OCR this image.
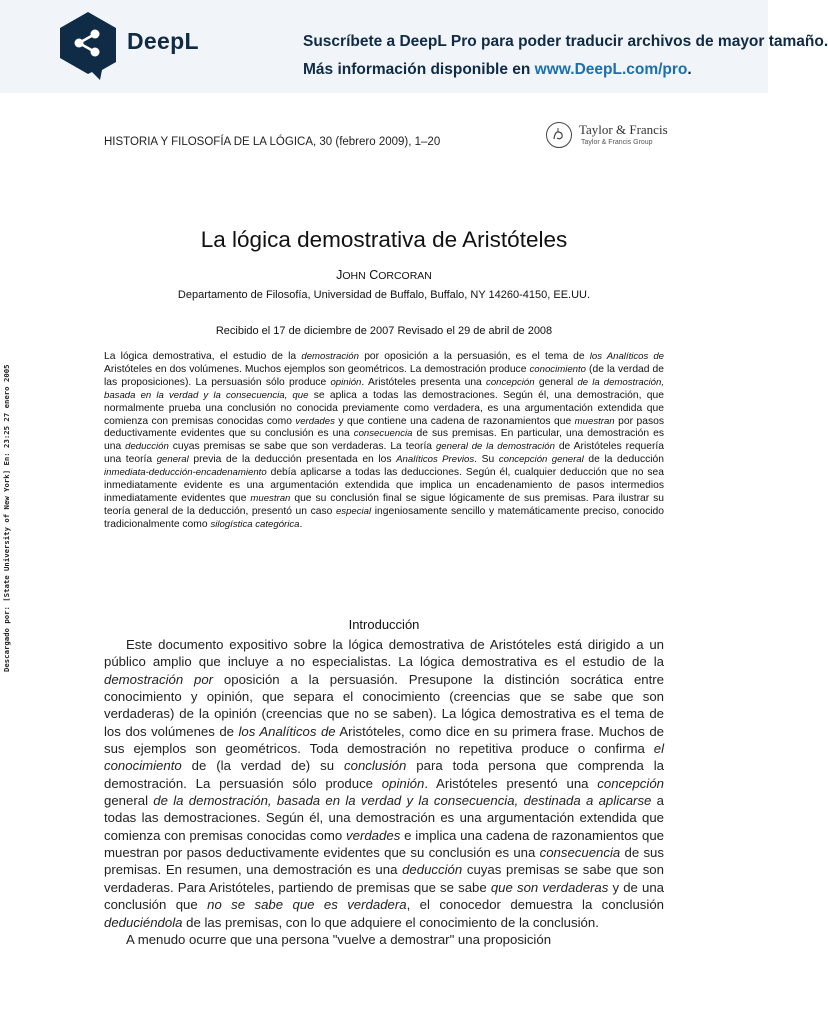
DeepL	Suscríbete a DeepL Pro para poder traducir archivos de mayor tamaño.
Más información disponible en www.DeepL.com/pro.
HISTORIA Y FILOSOFÍA DE LA LÓGICA, 30 (febrero 2009), 1–20
Taylor & Francis
Taylor & Francis Group
Descargado por: [State University of New York] En: 23:25 27 enero 2005
La lógica demostrativa de Aristóteles
JOHN CORCORAN
Departamento de Filosofía, Universidad de Buffalo, Buffalo, NY 14260-4150, EE.UU.
Recibido el 17 de diciembre de 2007 Revisado el 29 de abril de 2008
La lógica demostrativa, el estudio de la demostración por oposición a la persuasión, es el tema de los Analíticos de Aristóteles en dos volúmenes. Muchos ejemplos son geométricos. La demostración produce conocimiento (de la verdad de las proposiciones). La persuasión sólo produce opinión. Aristóteles presenta una concepción general de la demostración, basada en la verdad y la consecuencia, que se aplica a todas las demostraciones. Según él, una demostración, que normalmente prueba una conclusión no conocida previamente como verdadera, es una argumentación extendida que comienza con premisas conocidas como verdades y que contiene una cadena de razonamientos que muestran por pasos deductivamente evidentes que su conclusión es una consecuencia de sus premisas. En particular, una demostración es una deducción cuyas premisas se sabe que son verdaderas. La teoría general de la demostración de Aristóteles requería una teoría general previa de la deducción presentada en los Analíticos Previos. Su concepción general de la deducción inmediata-deducción-encadenamiento debía aplicarse a todas las deducciones. Según él, cualquier deducción que no sea inmediatamente evidente es una argumentación extendida que implica un encadenamiento de pasos intermedios inmediatamente evidentes que muestran que su conclusión final se sigue lógicamente de sus premisas. Para ilustrar su teoría general de la deducción, presentó un caso especial ingeniosamente sencillo y matemáticamente preciso, conocido tradicionalmente como silogística categórica.
Introducción

Este documento expositivo sobre la lógica demostrativa de Aristóteles está dirigido a un público amplio que incluye a no especialistas. La lógica demostrativa es el estudio de la demostración por oposición a la persuasión. Presupone la distinción socrática entre conocimiento y opinión, que separa el conocimiento (creencias que se sabe que son verdaderas) de la opinión (creencias que no se saben). La lógica demostrativa es el tema de los dos volúmenes de los Analíticos de Aristóteles, como dice en su primera frase. Muchos de sus ejemplos son geométricos. Toda demostración no repetitiva produce o confirma el conocimiento de (la verdad de) su conclusión para toda persona que comprenda la demostración. La persuasión sólo produce opinión. Aristóteles presentó una concepción general de la demostración, basada en la verdad y la consecuencia, destinada a aplicarse a todas las demostraciones. Según él, una demostración es una argumentación extendida que comienza con premisas conocidas como verdades e implica una cadena de razonamientos que muestran por pasos deductivamente evidentes que su conclusión es una consecuencia de sus premisas. En resumen, una demostración es una deducción cuyas premisas se sabe que son verdaderas. Para Aristóteles, partiendo de premisas que se sabe que son verdaderas y de una conclusión que no se sabe que es verdadera, el conocedor demuestra la conclusión deduciéndola de las premisas, con lo que adquiere el conocimiento de la conclusión.

A menudo ocurre que una persona "vuelve a demostrar" una proposición
